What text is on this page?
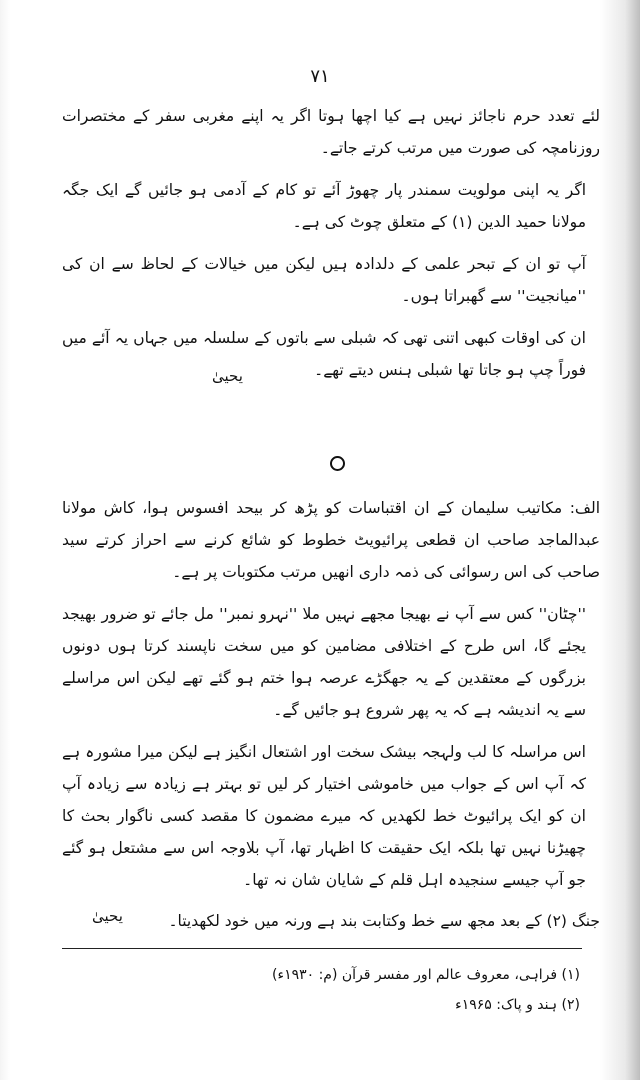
۷۱

لئے تعدد حرم ناجائز نہیں ہے کیا اچھا ہوتا اگر یہ اپنے مغربی سفر کے مختصرات روزنامچہ کی صورت میں مرتب کرتے جاتے۔

اگر یہ اپنی مولویت سمندر پار چھوڑ آئے تو کام کے آدمی ہو جائیں گے ایک جگہ مولانا حمید الدین (۱) کے متعلق چوٹ کی ہے۔

آپ تو ان کے تبحر علمی کے دلدادہ ہیں لیکن میں خیالات کے لحاظ سے ان کی ''میانجیت'' سے گھبراتا ہوں۔

ان کی اوقات کبھی اتنی تھی کہ شبلی سے باتوں کے سلسلہ میں جہاں یہ آئے میں فوراً چپ ہو جاتا تھا شبلی ہنس دیتے تھے۔

یحییٰ

الف: مکاتیب سلیمان کے ان اقتباسات کو پڑھ کر بیحد افسوس ہوا، کاش مولانا عبدالماجد صاحب ان قطعی پرائیویٹ خطوط کو شائع کرنے سے احراز کرتے سید صاحب کی اس رسوائی کی ذمہ داری انھیں مرتب مکتوبات پر ہے۔

''چٹان'' کس سے آپ نے بھیجا مجھے نہیں ملا ''نہرو نمبر'' مل جائے تو ضرور بھیجد یجئے گا، اس طرح کے اختلافی مضامین کو میں سخت ناپسند کرتا ہوں دونوں بزرگوں کے معتقدین کے یہ جھگڑے عرصہ ہوا ختم ہو گئے تھے لیکن اس مراسلے سے یہ اندیشہ ہے کہ یہ پھر شروع ہو جائیں گے۔

اس مراسلہ کا لب ولہجہ بیشک سخت اور اشتعال انگیز ہے لیکن میرا مشورہ ہے کہ آپ اس کے جواب میں خاموشی اختیار کر لیں تو بہتر ہے زیادہ سے زیادہ آپ ان کو ایک پرائیوٹ خط لکھدیں کہ میرے مضمون کا مقصد کسی ناگوار بحث کا چھیڑنا نہیں تھا بلکہ ایک حقیقت کا اظہار تھا، آپ بلاوجہ اس سے مشتعل ہو گئے جو آپ جیسے سنجیدہ اہل قلم کے شایان شان نہ تھا۔

جنگ (۲) کے بعد مجھ سے خط وکتابت بند ہے ورنہ میں خود لکھدیتا۔
یحییٰ

(۱) فراہی، معروف عالم اور مفسر قرآن (م: ۱۹۳۰ء)

(۲) ہند و پاک: ۱۹۶۵ء
